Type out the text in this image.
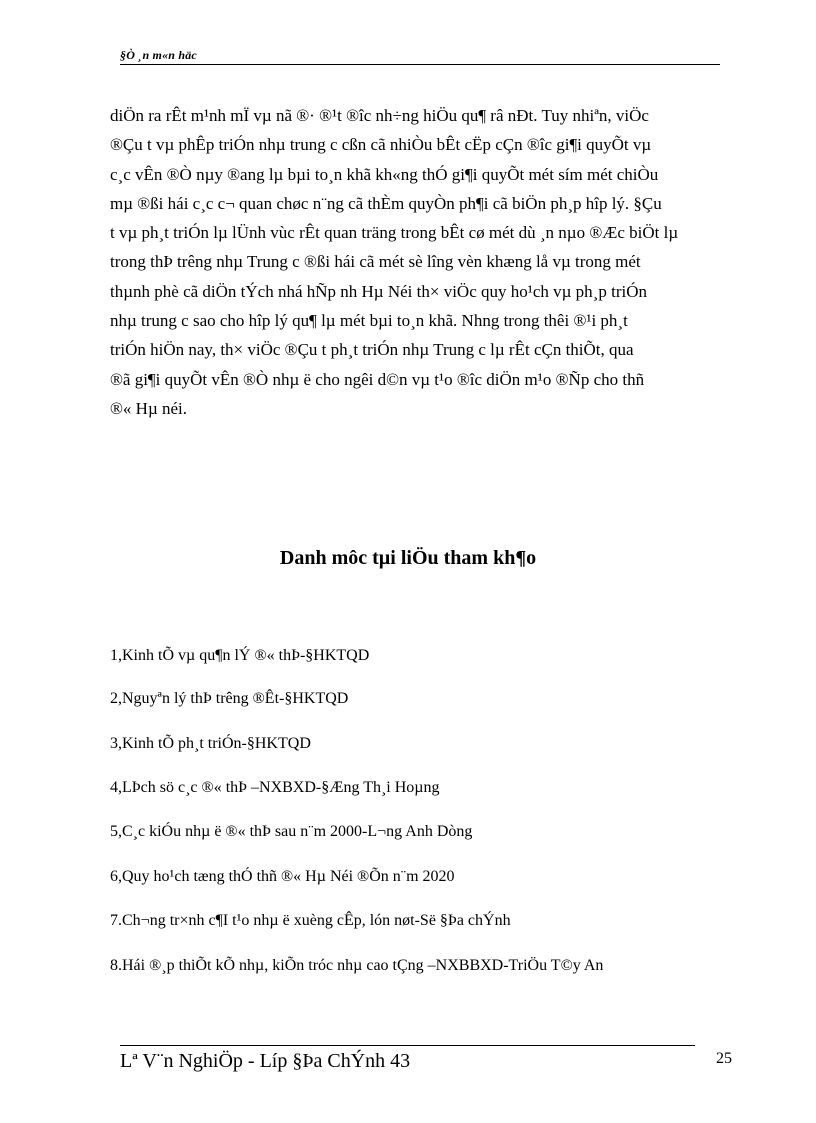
§Ò ¸n m«n häc
diÖn ra rÊt m¹nh mÏ vµ nã ®· ®¹t ®îc nh÷ng hiÖu qu¶ râ nÐt. Tuy nhiªn, viÖc
®Çu t vµ phÊp triÓn nhµ trung c cßn cã nhiÒu bÊt cËp cÇn ®îc gi¶i quyÕt vµ
c¸c vÊn ®Ò nµy ®ang lµ bµi to¸n khã kh«ng thÓ gi¶i quyÕt mét sím mét chiÒu
mµ ®ßi hái c¸c c¬ quan chøc n¨ng cã thÈm quyÒn ph¶i cã biÖn ph¸p hîp lý. §Çu
t vµ ph¸t triÓn lµ lÜnh vùc rÊt quan träng trong bÊt cø mét dù ¸n nµo ®Æc biÖt lµ
trong thÞ trêng nhµ Trung c ®ßi hái cã mét sè lîng vèn khæng lå vµ trong mét
thµnh phè cã diÖn tÝch nhá hÑp nh Hµ Néi th× viÖc quy ho¹ch vµ ph¸p triÓn
nhµ trung c sao cho hîp lý qu¶ lµ mét bµi to¸n khã. Nhng trong thêi ®¹i ph¸t
triÓn hiÖn nay, th× viÖc ®Çu t ph¸t triÓn nhµ Trung c lµ rÊt cÇn thiÕt, qua
®ã gi¶i quyÕt vÊn ®Ò nhµ ë cho ngêi d©n vµ t¹o ®îc diÖn m¹o ®Ñp cho thñ
®« Hµ néi.
Danh môc tµi liÖu tham kh¶o
1,Kinh tÕ vµ qu¶n lÝ ®« thÞ-§HKTQD
2,Nguyªn lý thÞ trêng ®Êt-§HKTQD
3,Kinh tÕ ph¸t triÓn-§HKTQD
4,LÞch sö c¸c ®« thÞ –NXBXD-§Æng Th¸i Hoµng
5,C¸c kiÓu nhµ ë ®« thÞ sau n¨m 2000-L¬ng Anh Dòng
6,Quy ho¹ch tæng thÓ thñ ®« Hµ Néi ®Õn n¨m 2020
7.Ch¬ng tr×nh c¶I t¹o nhµ ë xuèng cÊp, lón nøt-Së §Þa chÝnh
8.Hái ®¸p thiÕt kÕ nhµ, kiÕn tróc nhµ cao tÇng –NXBBXD-TriÖu T©y An
Lª V¨n NghiÖp - Líp §Þa ChÝnh 43	25
